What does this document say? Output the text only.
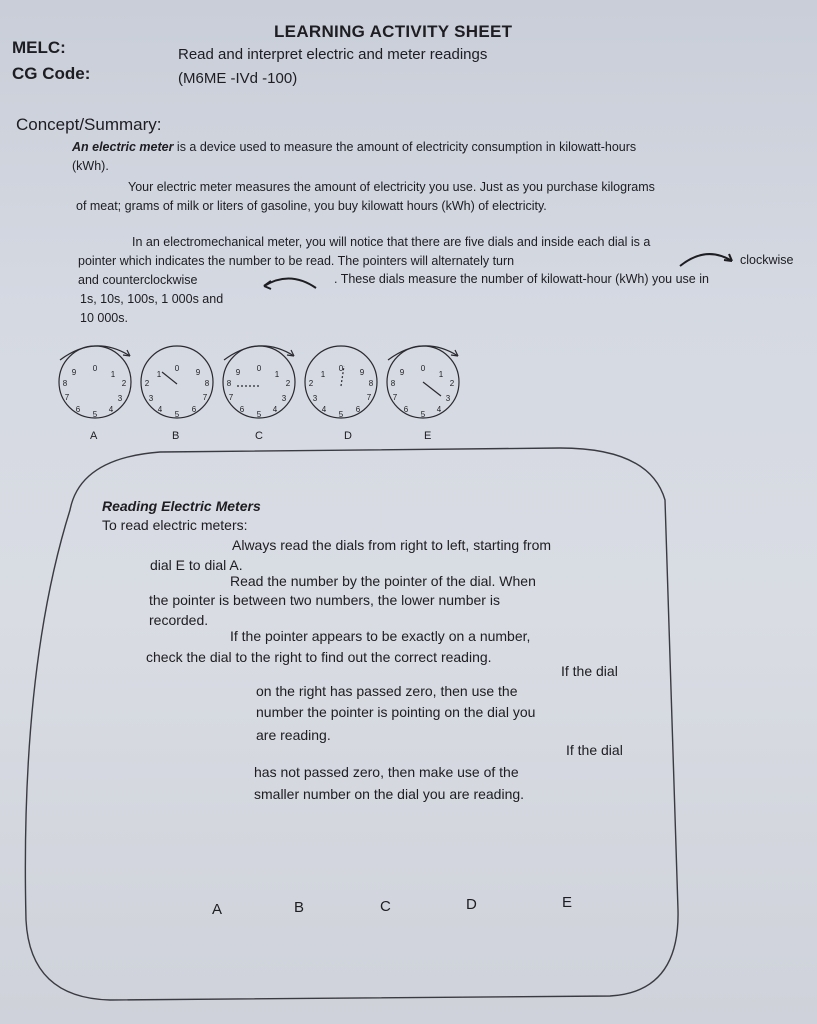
LEARNING ACTIVITY SHEET
MELC:	Read and interpret electric and meter readings
CG Code:	(M6ME -IVd -100)
Concept/Summary:
An electric meter is a device used to measure the amount of electricity consumption in kilowatt-hours
(kWh).
Your electric meter measures the amount of electricity you use. Just as you purchase kilograms
of meat; grams of milk or liters of gasoline, you buy kilowatt hours (kWh) of electricity.
In an electromechanical meter, you will notice that there are five dials and inside each dial is a
pointer which indicates the number to be read. The pointers will alternately turn	clockwise
and counterclockwise	. These dials measure the number of kilowatt-hour (kWh) you use in
1s, 10s, 100s, 1 000s and
10 000s.
0
1
2
3
4
5
6
7
8
9	0
1
2
3
4
5
6
7
8
9	0
1
2
3
4
5
6
7
8
9	0
1
2
3
4
5
6
7
8
9	0
1
2
3
4
5
6
7
8
9
A	B	C	D	E
Reading Electric Meters
To read electric meters:
Always read the dials from right to left, starting from
dial E to dial A.
Read the number by the pointer of the dial. When
the pointer is between two numbers, the lower number is
recorded.
If the pointer appears to be exactly on a number,
check the dial to the right to find out the correct reading.
If the dial
on the right has passed zero, then use the
number the pointer is pointing on the dial you
are reading.
If the dial
has not passed zero, then make use of the
smaller number on the dial you are reading.
A	B	C	D	E
